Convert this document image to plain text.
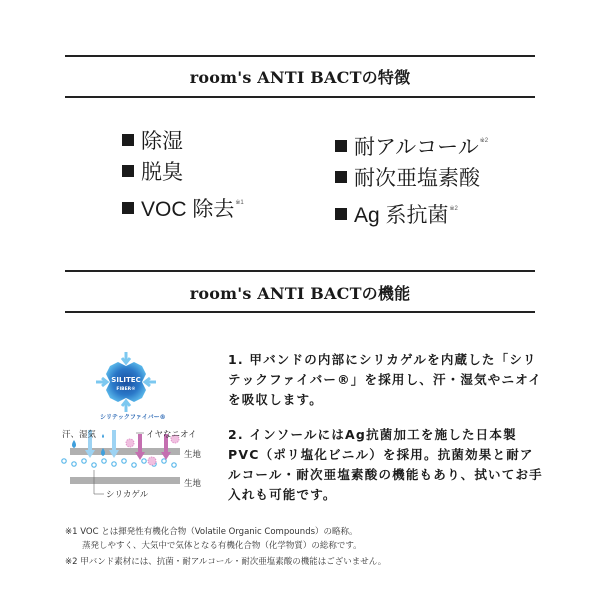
room's ANTI BACTの特徴
除湿
脱臭
VOC 除去$^{※1}$
耐アルコール$^{※2}$
耐次亜塩素酸
Ag 系抗菌$^{※2}$
room's ANTI BACTの機能
SILITEC
FIBER®
シリテックファイバー®
汗、湿気	イヤなニオイ
生地
生地
シリカゲル
1. 甲バンドの内部にシリカゲルを内蔵した「シリテックファイバー®」を採用し、汗・湿気やニオイを吸収します。
2. インソールにはAg抗菌加工を施した日本製PVC（ポリ塩化ビニル）を採用。抗菌効果と耐アルコール・耐次亜塩素酸の機能もあり、拭いてお手入れも可能です。
※1 VOC とは揮発性有機化合物（Volatile Organic Compounds）の略称。
蒸発しやすく、大気中で気体となる有機化合物（化学物質）の総称です。
※2 甲バンド素材には、抗菌・耐アルコール・耐次亜塩素酸の機能はございません。
